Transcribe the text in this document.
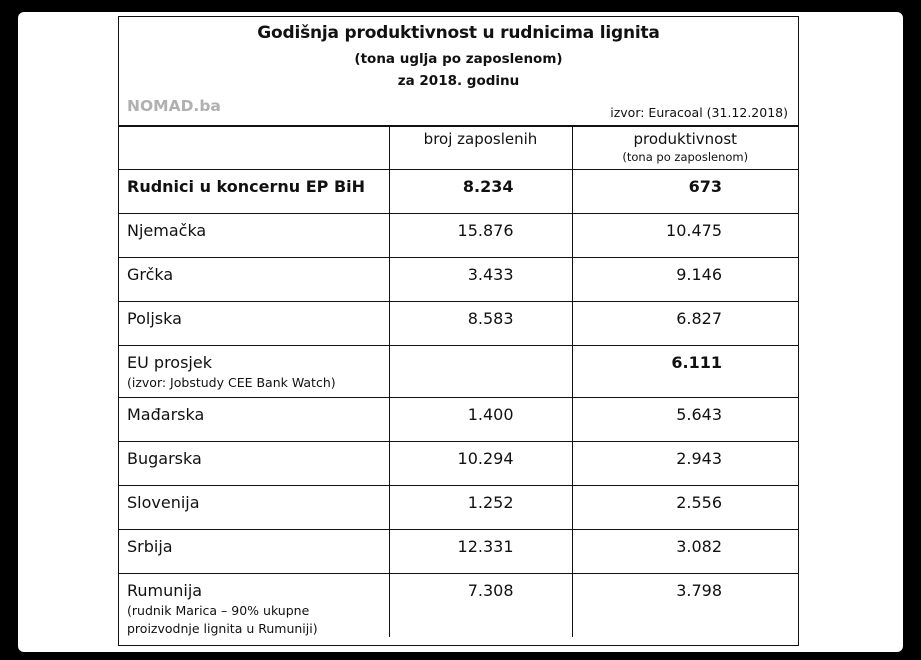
Godišnja produktivnost u rudnicima lignita
(tona uglja po zaposlenom)
za 2018. godinu
NOMAD.ba	izvor: Euracoal (31.12.2018)
	broj zaposlenih	produktivnost
(tona po zaposlenom)

Rudnici u koncernu EP BiH	8.234	673
Njemačka	15.876	10.475
Grčka	3.433	9.146
Poljska	8.583	6.827
EU prosjek
(izvor: Jobstudy CEE Bank Watch)		6.111
Mađarska	1.400	5.643
Bugarska	10.294	2.943
Slovenija	1.252	2.556
Srbija	12.331	3.082
Rumunija
(rudnik Marica – 90% ukupne
proizvodnje lignita u Rumuniji)	7.308	3.798
